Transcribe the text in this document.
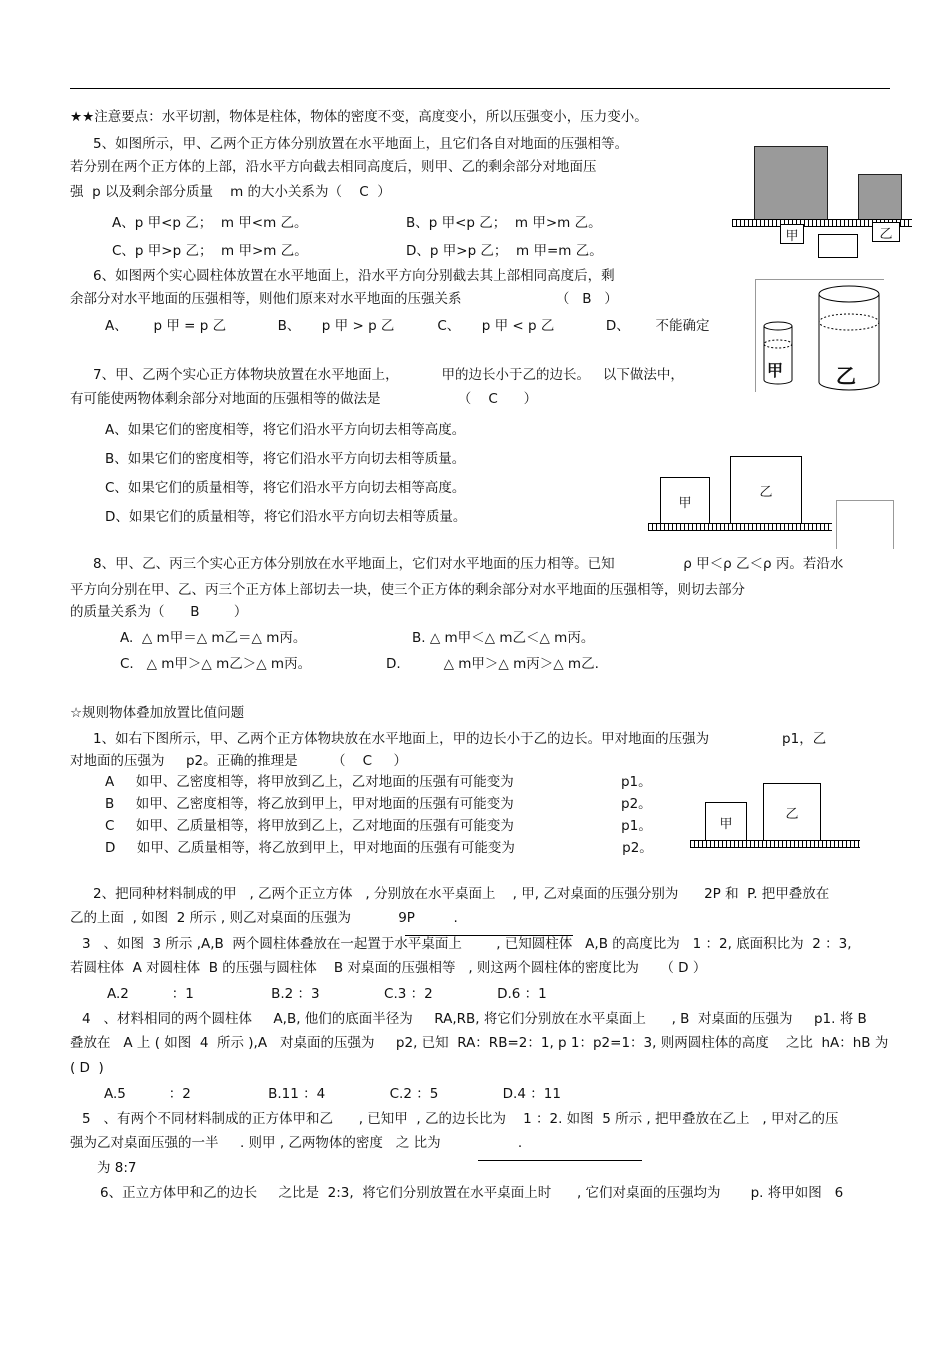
★★注意要点：水平切割，物体是柱体，物体的密度不变，高度变小，所以压强变小，压力变小。
5、如图所示，甲、乙两个正方体分别放置在水平地面上，且它们各自对地面的压强相等。
若分别在两个正方体的上部，沿水平方向截去相同高度后，则甲、乙的剩余部分对地面压
强  p 以及剩余部分质量    m 的大小关系为（    C  ）
A、p 甲<p 乙；  m 甲<m 乙。	B、p 甲<p 乙；  m 甲>m 乙。
C、p 甲>p 乙；  m 甲>m 乙。	D、p 甲>p 乙；  m 甲=m 乙。
6、如图两个实心圆柱体放置在水平地面上，沿水平方向分别截去其上部相同高度后，剩
余部分对水平地面的压强相等，则他们原来对水平地面的压强关系                      （   B   ）
A、      p 甲 = p 乙            B、     p 甲 > p 乙          C、     p 甲 < p 乙            D、      不能确定
7、甲、乙两个实心正方体物块放置在水平地面上，          甲的边长小于乙的边长。   以下做法中，
有可能使两物体剩余部分对地面的压强相等的做法是                  （    C      ）
A、如果它们的密度相等，将它们沿水平方向切去相等高度。
B、如果它们的密度相等，将它们沿水平方向切去相等质量。
C、如果它们的质量相等，将它们沿水平方向切去相等高度。
D、如果它们的质量相等，将它们沿水平方向切去相等质量。
8、甲、乙、丙三个实心正方体分别放在水平地面上，它们对水平地面的压力相等。已知                ρ 甲＜ρ 乙＜ρ 丙。若沿水
平方向分别在甲、乙、丙三个正方体上部切去一块，使三个正方体的剩余部分对水平地面的压强相等，则切去部分
的质量关系为（      B        ）
A.  △ m甲＝△ m乙＝△ m丙。	B. △ m甲＜△ m乙＜△ m丙。
C.   △ m甲＞△ m乙＞△ m丙。	D.          △ m甲＞△ m丙＞△ m乙.
☆规则物体叠加放置比值问题
1、如右下图所示，甲、乙两个正方体物块放在水平地面上，甲的边长小于乙的边长。甲对地面的压强为                 p1，乙
对地面的压强为     p2。正确的推理是        （    C     ）
A     如甲、乙密度相等，将甲放到乙上，乙对地面的压强有可能变为                         p1。
B     如甲、乙密度相等，将乙放到甲上，甲对地面的压强有可能变为                         p2。
C     如甲、乙质量相等，将甲放到乙上，乙对地面的压强有可能变为                         p1。
D     如甲、乙质量相等，将乙放到甲上，甲对地面的压强有可能变为                         p2。
2、把同种材料制成的甲   , 乙两个正立方体   , 分别放在水平桌面上    , 甲, 乙对桌面的压强分别为      2P 和  P. 把甲叠放在
乙的上面  , 如图  2 所示 , 则乙对桌面的压强为           9P         .
3   、如图  3 所示 ,A,B  两个圆柱体叠放在一起置于水平桌面上        , 已知圆柱体   A,B 的高度比为   1 ：2, 底面积比为  2 ：3,
若圆柱体  A 对圆柱体  B 的压强与圆柱体    B 对桌面的压强相等   , 则这两个圆柱体的密度比为     （ D ）
A.2          ：1                  B.2 ：3               C.3 ：2               D.6 ：1
4   、材料相同的两个圆柱体     A,B, 他们的底面半径为     RA,RB, 将它们分别放在水平桌面上      , B  对桌面的压强为     p1. 将 B
叠放在   A 上 ( 如图  4  所示 ),A   对桌面的压强为     p2, 已知  RA：RB=2：1, p 1：p2=1：3, 则两圆柱体的高度    之比  hA：hB 为
( D  )
A.5          ：2                  B.11 ：4               C.2 ：5               D.4 ：11
5   、有两个不同材料制成的正方体甲和乙      , 已知甲  , 乙的边长比为    1 ：2. 如图  5 所示 , 把甲叠放在乙上   , 甲对乙的压
强为乙对桌面压强的一半     . 则甲 , 乙两物体的密度   之 比为                  .
为 8:7
6、正立方体甲和乙的边长     之比是  2:3,  将它们分别放置在水平桌面上时      , 它们对桌面的压强均为       p. 将甲如图   6
甲	乙
甲	乙
甲
乙
甲
乙
